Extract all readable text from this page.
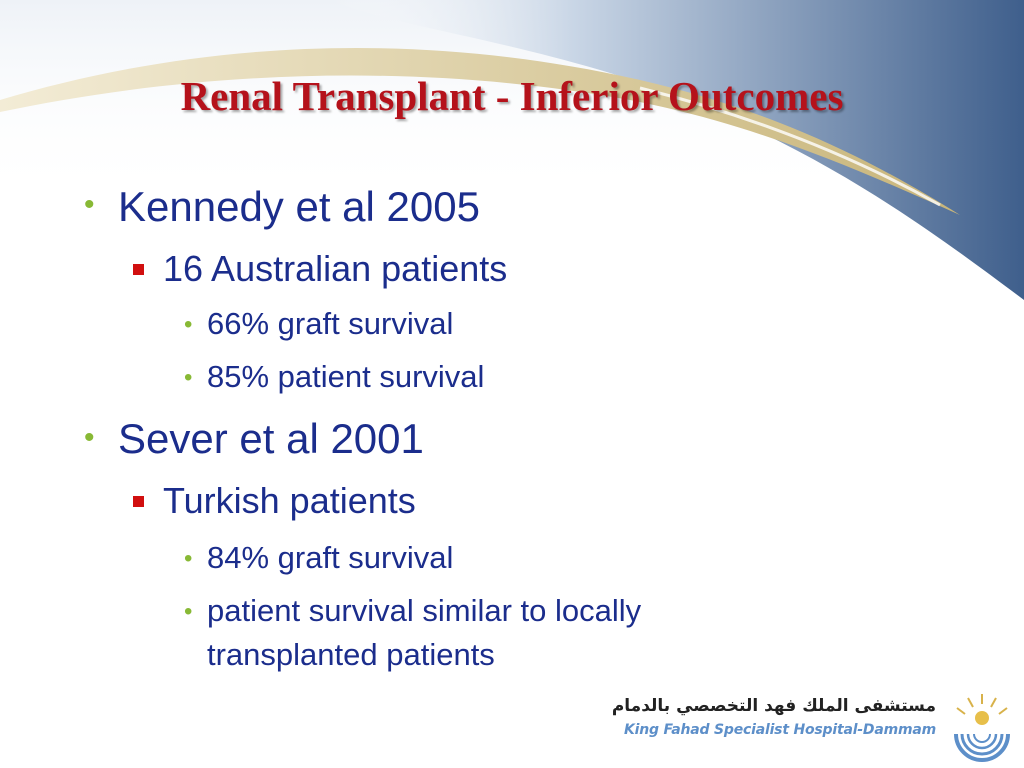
Renal Transplant - Inferior Outcomes
• Kennedy et al 2005
16 Australian patients
• 66% graft survival
• 85% patient survival
• Sever et al 2001
Turkish patients
• 84% graft survival
• patient survival similar to locally
transplanted patients
مستشفى الملك فهد التخصصي بالدمام
King Fahad Specialist Hospital-Dammam
